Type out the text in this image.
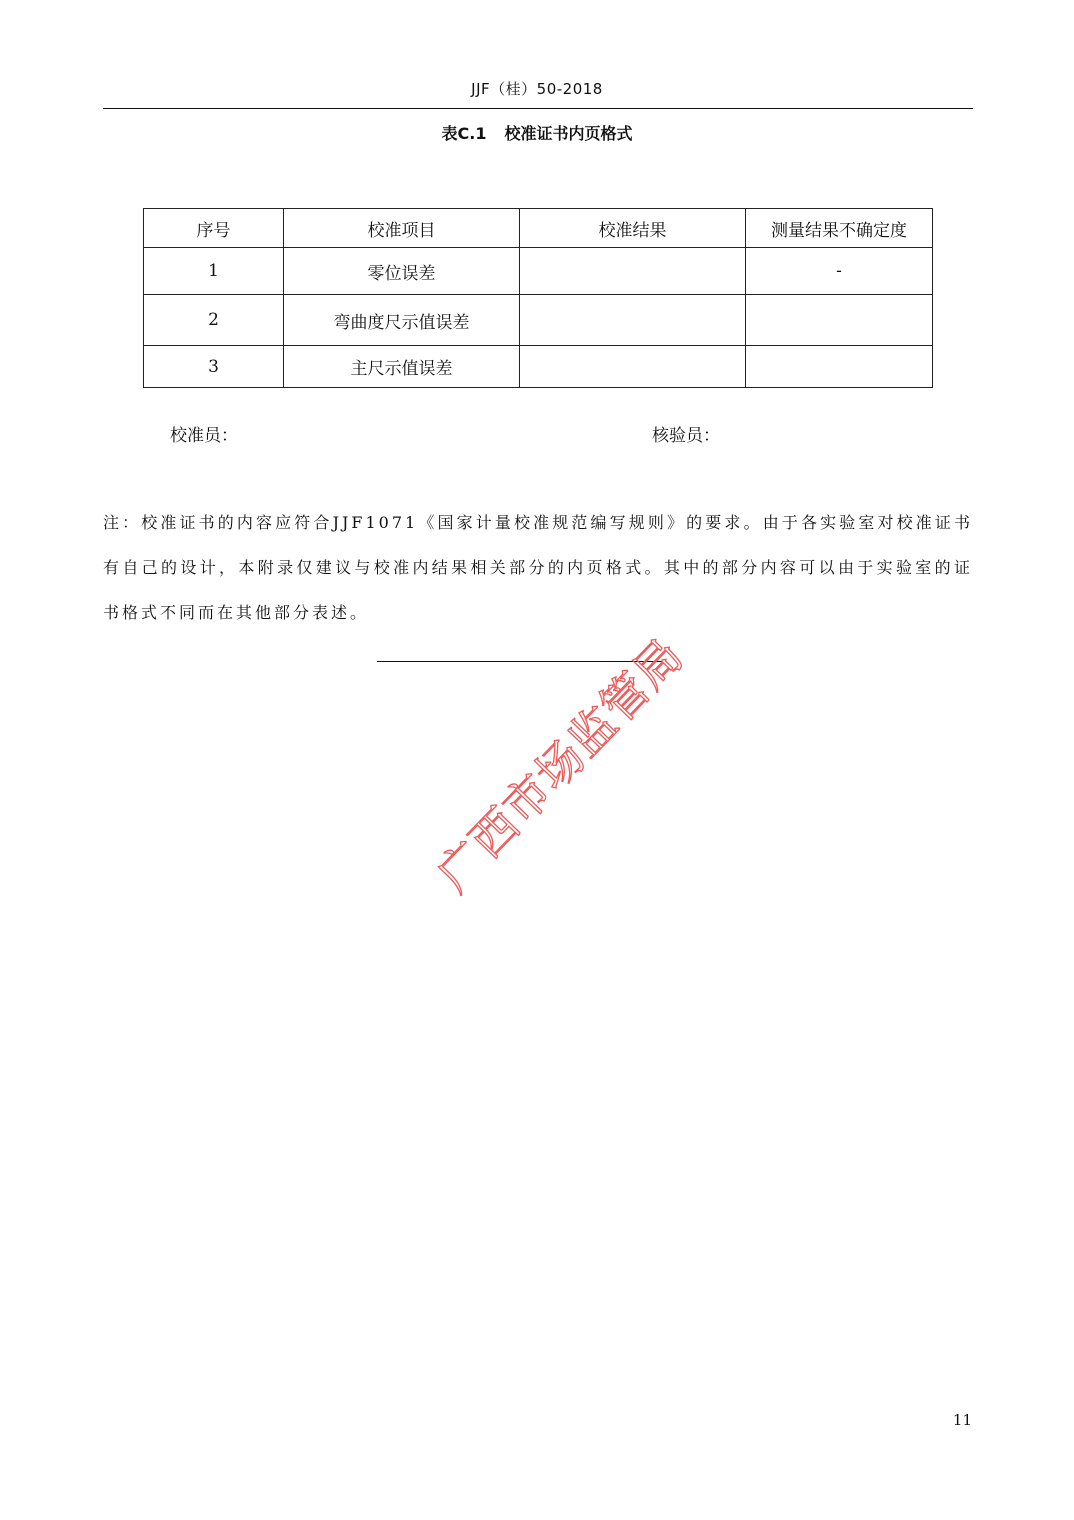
JJF（桂）50-2018
表C.1 校准证书内页格式
序号	校准项目	校准结果	测量结果不确定度
1	零位误差		-
2	弯曲度尺示值误差		
3	主尺示值误差		
校准员：	核验员：
注：校准证书的内容应符合JJF1071《国家计量校准规范编写规则》的要求。由于各实验室对校准证书有自己的设计，本附录仅建议与校准内结果相关部分的内页格式。其中的部分内容可以由于实验室的证书格式不同而在其他部分表述。
广西市场监管局
11
